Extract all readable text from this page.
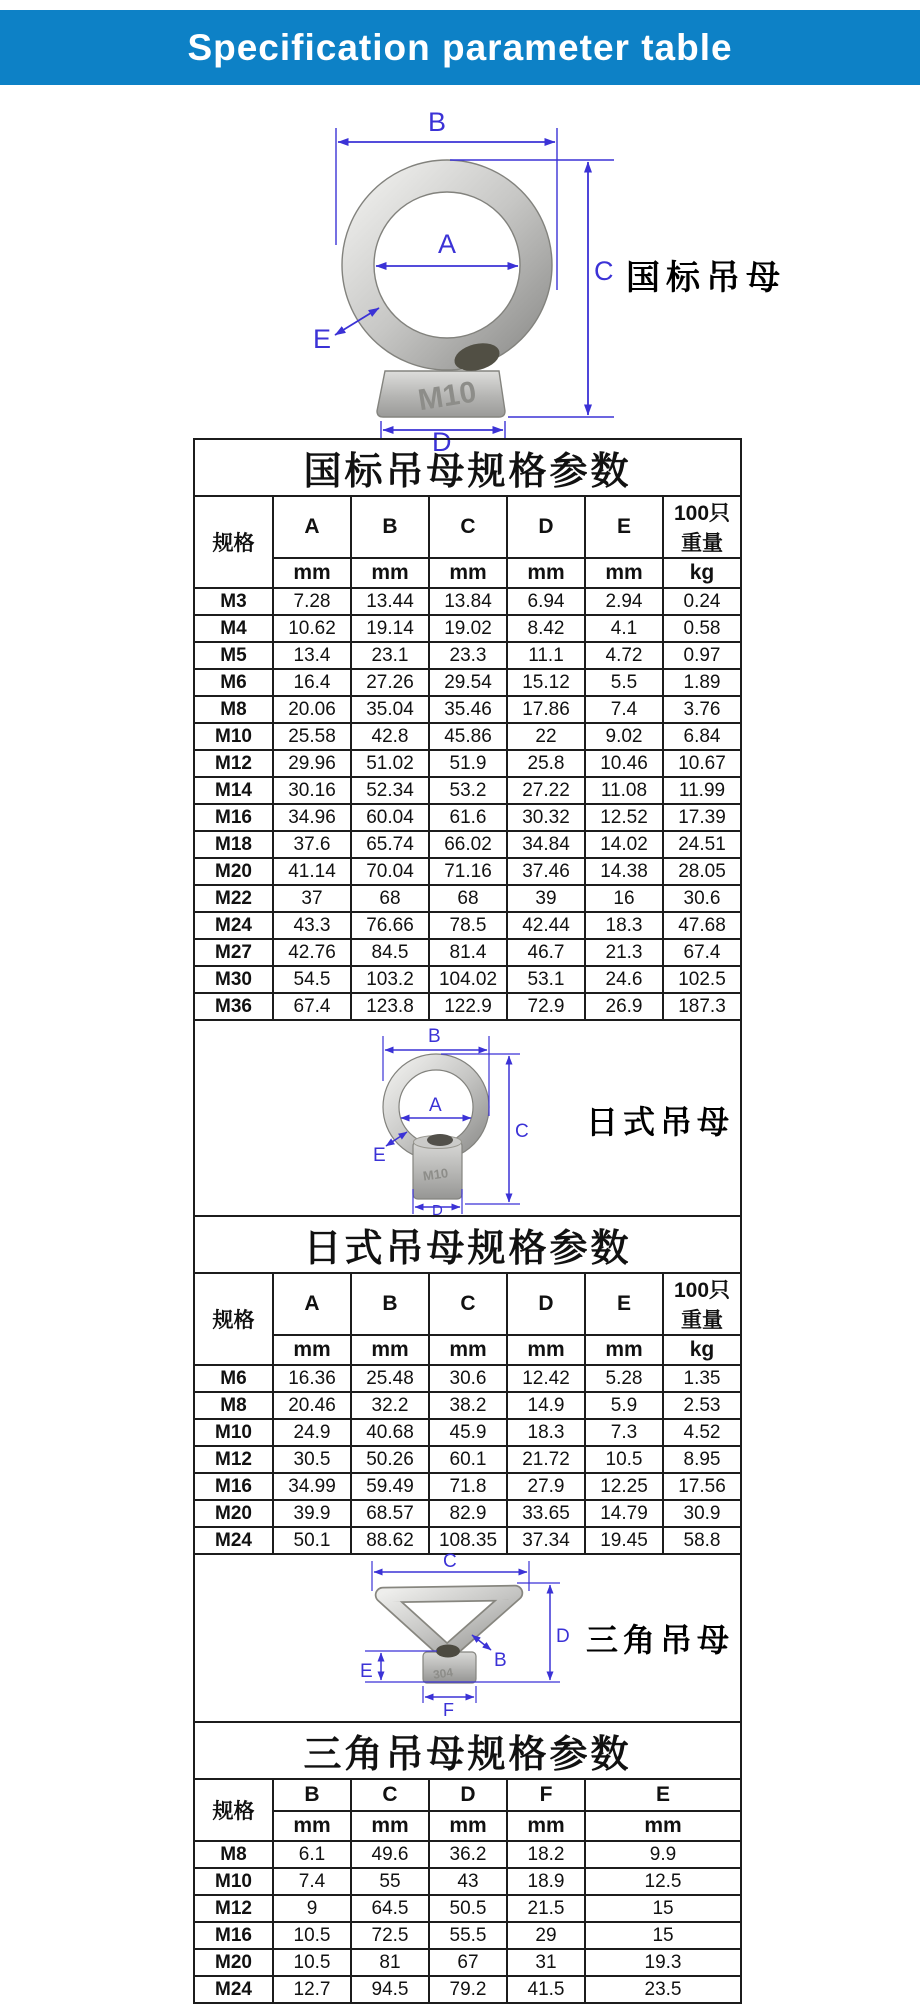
Specification parameter table
M10
B
A
C
E
D
国标吊母
国标吊母规格参数						
规格	A	B	C	D	E	100只重量
	mm	mm	mm	mm	mm	kg
M3	7.28	13.44	13.84	6.94	2.94	0.24
M4	10.62	19.14	19.02	8.42	4.1	0.58
M5	13.4	23.1	23.3	11.1	4.72	0.97
M6	16.4	27.26	29.54	15.12	5.5	1.89
M8	20.06	35.04	35.46	17.86	7.4	3.76
M10	25.58	42.8	45.86	22	9.02	6.84
M12	29.96	51.02	51.9	25.8	10.46	10.67
M14	30.16	52.34	53.2	27.22	11.08	11.99
M16	34.96	60.04	61.6	30.32	12.52	17.39
M18	37.6	65.74	66.02	34.84	14.02	24.51
M20	41.14	70.04	71.16	37.46	14.38	28.05
M22	37	68	68	39	16	30.6
M24	43.3	76.66	78.5	42.44	18.3	47.68
M27	42.76	84.5	81.4	46.7	21.3	67.4
M30	54.5	103.2	104.02	53.1	24.6	102.5
M36	67.4	123.8	122.9	72.9	26.9	187.3

M10
B
A
C
E
D
日式吊母

日式吊母规格参数						
规格	A	B	C	D	E	100只重量
	mm	mm	mm	mm	mm	kg
M6	16.36	25.48	30.6	12.42	5.28	1.35
M8	20.46	32.2	38.2	14.9	5.9	2.53
M10	24.9	40.68	45.9	18.3	7.3	4.52
M12	30.5	50.26	60.1	21.72	10.5	8.95
M16	34.99	59.49	71.8	27.9	12.25	17.56
M20	39.9	68.57	82.9	33.65	14.79	30.9
M24	50.1	88.62	108.35	37.34	19.45	58.8

304
C
D
E
B
F
三角吊母

三角吊母规格参数						
规格	B	C	D	F	E	
	mm	mm	mm	mm	mm	
M8	6.1	49.6	36.2	18.2	9.9	
M10	7.4	55	43	18.9	12.5	
M12	9	64.5	50.5	21.5	15	
M16	10.5	72.5	55.5	29	15	
M20	10.5	81	67	31	19.3	
M24	12.7	94.5	79.2	41.5	23.5	
